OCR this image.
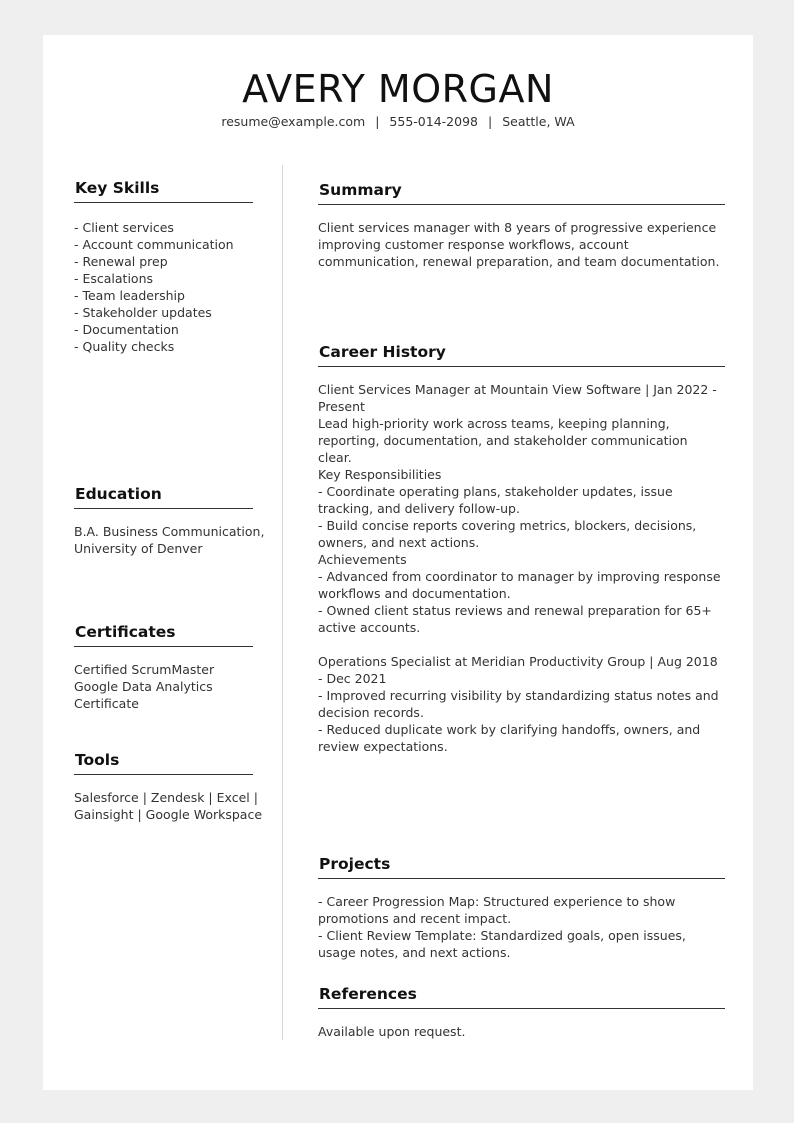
AVERY MORGAN
resume@example.com | 555-014-2098 | Seattle, WA
Key Skills
- Client services
- Account communication
- Renewal prep
- Escalations
- Team leadership
- Stakeholder updates
- Documentation
- Quality checks
Education
B.A. Business Communication,
University of Denver
Certificates
Certified ScrumMaster
Google Data Analytics
Certificate
Tools
Salesforce | Zendesk | Excel |
Gainsight | Google Workspace
Summary
Client services manager with 8 years of progressive experience improving customer response workflows, account communication, renewal preparation, and team documentation.
Career History
Client Services Manager at Mountain View Software | Jan 2022 - Present
Lead high-priority work across teams, keeping planning, reporting, documentation, and stakeholder communication clear.
Key Responsibilities
- Coordinate operating plans, stakeholder updates, issue tracking, and delivery follow-up.
- Build concise reports covering metrics, blockers, decisions, owners, and next actions.
Achievements
- Advanced from coordinator to manager by improving response workflows and documentation.
- Owned client status reviews and renewal preparation for 65+ active accounts.
Operations Specialist at Meridian Productivity Group | Aug 2018 - Dec 2021
- Improved recurring visibility by standardizing status notes and decision records.
- Reduced duplicate work by clarifying handoffs, owners, and review expectations.
Projects
- Career Progression Map: Structured experience to show promotions and recent impact.
- Client Review Template: Standardized goals, open issues, usage notes, and next actions.
References
Available upon request.
